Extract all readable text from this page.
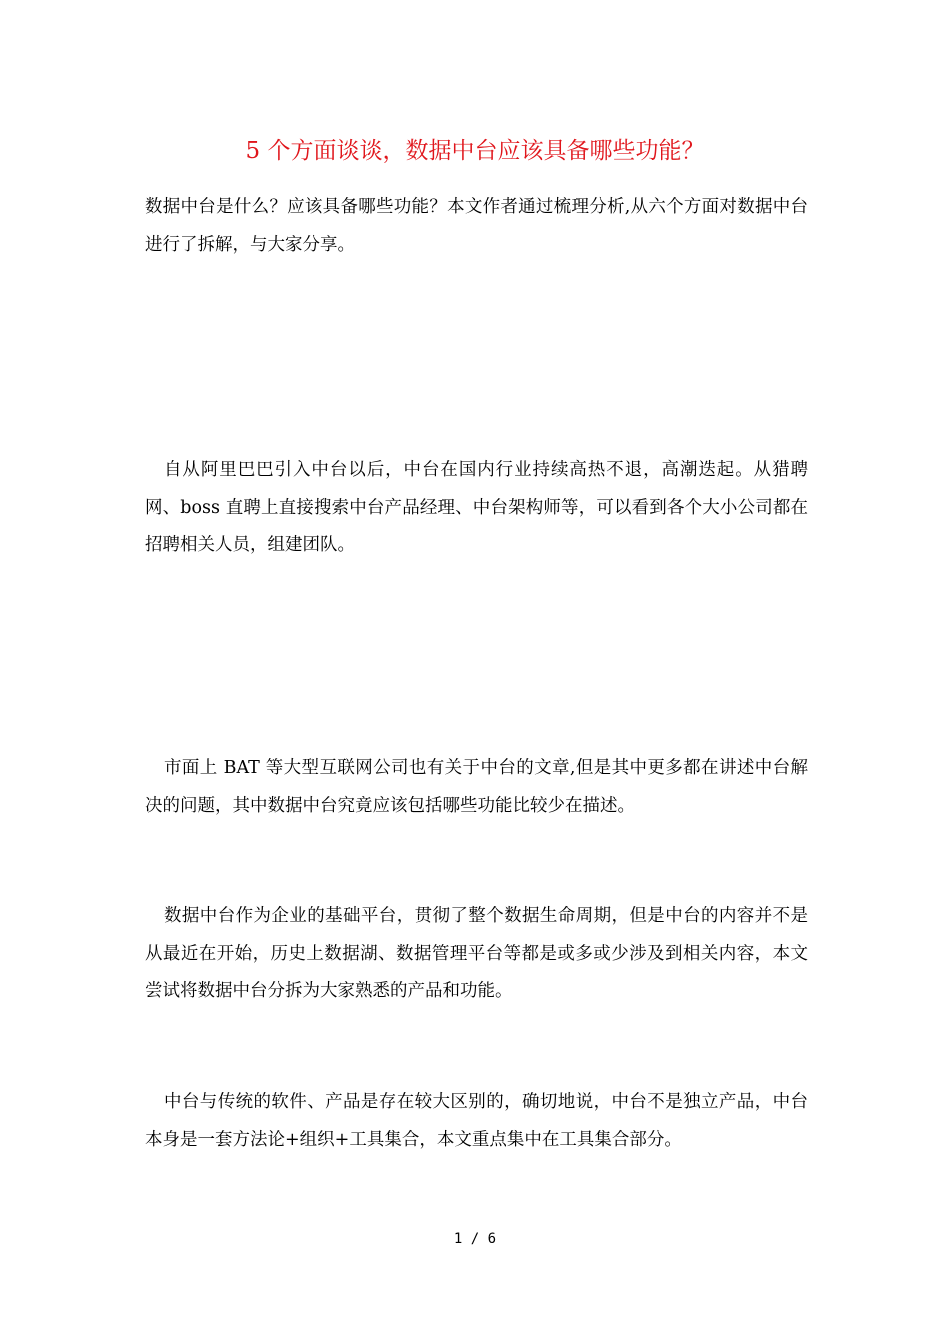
5 个方面谈谈，数据中台应该具备哪些功能？

数据中台是什么？应该具备哪些功能？本文作者通过梳理分析,从六个方面对数据中台进行了拆解，与大家分享。

自从阿里巴巴引入中台以后，中台在国内行业持续高热不退，高潮迭起。从猎聘网、boss 直聘上直接搜索中台产品经理、中台架构师等，可以看到各个大小公司都在招聘相关人员，组建团队。

市面上 BAT 等大型互联网公司也有关于中台的文章,但是其中更多都在讲述中台解决的问题，其中数据中台究竟应该包括哪些功能比较少在描述。

数据中台作为企业的基础平台，贯彻了整个数据生命周期，但是中台的内容并不是从最近在开始，历史上数据湖、数据管理平台等都是或多或少涉及到相关内容，本文尝试将数据中台分拆为大家熟悉的产品和功能。

中台与传统的软件、产品是存在较大区别的，确切地说，中台不是独立产品，中台本身是一套方法论+组织+工具集合，本文重点集中在工具集合部分。

1 / 6
